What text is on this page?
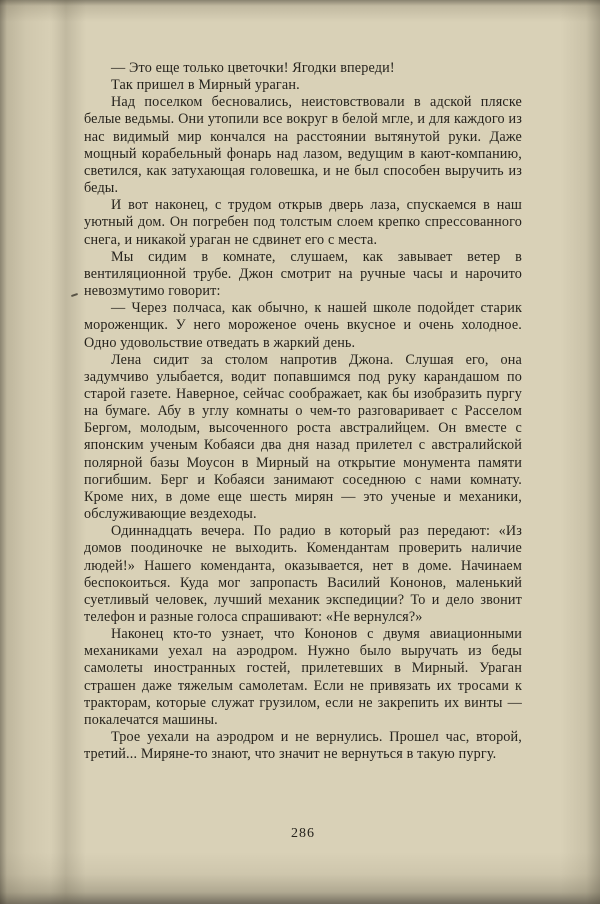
— Это еще только цветочки! Ягодки впереди!

Так пришел в Мирный ураган.

Над поселком бесновались, неистовствовали в адской пляске белые ведьмы. Они утопили все вокруг в белой мгле, и для каждого из нас видимый мир кончался на расстоянии вытянутой руки. Даже мощный корабельный фонарь над лазом, ведущим в кают-компанию, светился, как затухающая головешка, и не был способен выручить из беды.

И вот наконец, с трудом открыв дверь лаза, спускаемся в наш уютный дом. Он погребен под толстым слоем крепко спрессованного снега, и никакой ураган не сдвинет его с места.

Мы сидим в комнате, слушаем, как завывает ветер в вентиляционной трубе. Джон смотрит на ручные часы и нарочито невозмутимо говорит:

— Через полчаса, как обычно, к нашей школе подойдет старик мороженщик. У него мороженое очень вкусное и очень холодное. Одно удовольствие отведать в жаркий день.

Лена сидит за столом напротив Джона. Слушая его, она задумчиво улыбается, водит попавшимся под руку карандашом по старой газете. Наверное, сейчас соображает, как бы изобразить пургу на бумаге. Абу в углу комнаты о чем-то разговаривает с Расселом Бергом, молодым, высоченного роста австралийцем. Он вместе с японским ученым Кобаяси два дня назад прилетел с австралийской полярной базы Моусон в Мирный на открытие монумента памяти погибшим. Берг и Кобаяси занимают соседнюю с нами комнату. Кроме них, в доме еще шесть мирян — это ученые и механики, обслуживающие вездеходы.

Одиннадцать вечера. По радио в который раз передают: «Из домов поодиночке не выходить. Комендантам проверить наличие людей!» Нашего коменданта, оказывается, нет в доме. Начинаем беспокоиться. Куда мог запропасть Василий Кононов, маленький суетливый человек, лучший механик экспедиции? То и дело звонит телефон и разные голоса спрашивают: «Не вернулся?»

Наконец кто-то узнает, что Кононов с двумя авиационными механиками уехал на аэродром. Нужно было выручать из беды самолеты иностранных гостей, прилетевших в Мирный. Ураган страшен даже тяжелым самолетам. Если не привязать их тросами к тракторам, которые служат грузилом, если не закрепить их винты — покалечатся машины.

Трое уехали на аэродром и не вернулись. Прошел час, второй, третий... Миряне-то знают, что значит не вернуться в такую пургу.

286
